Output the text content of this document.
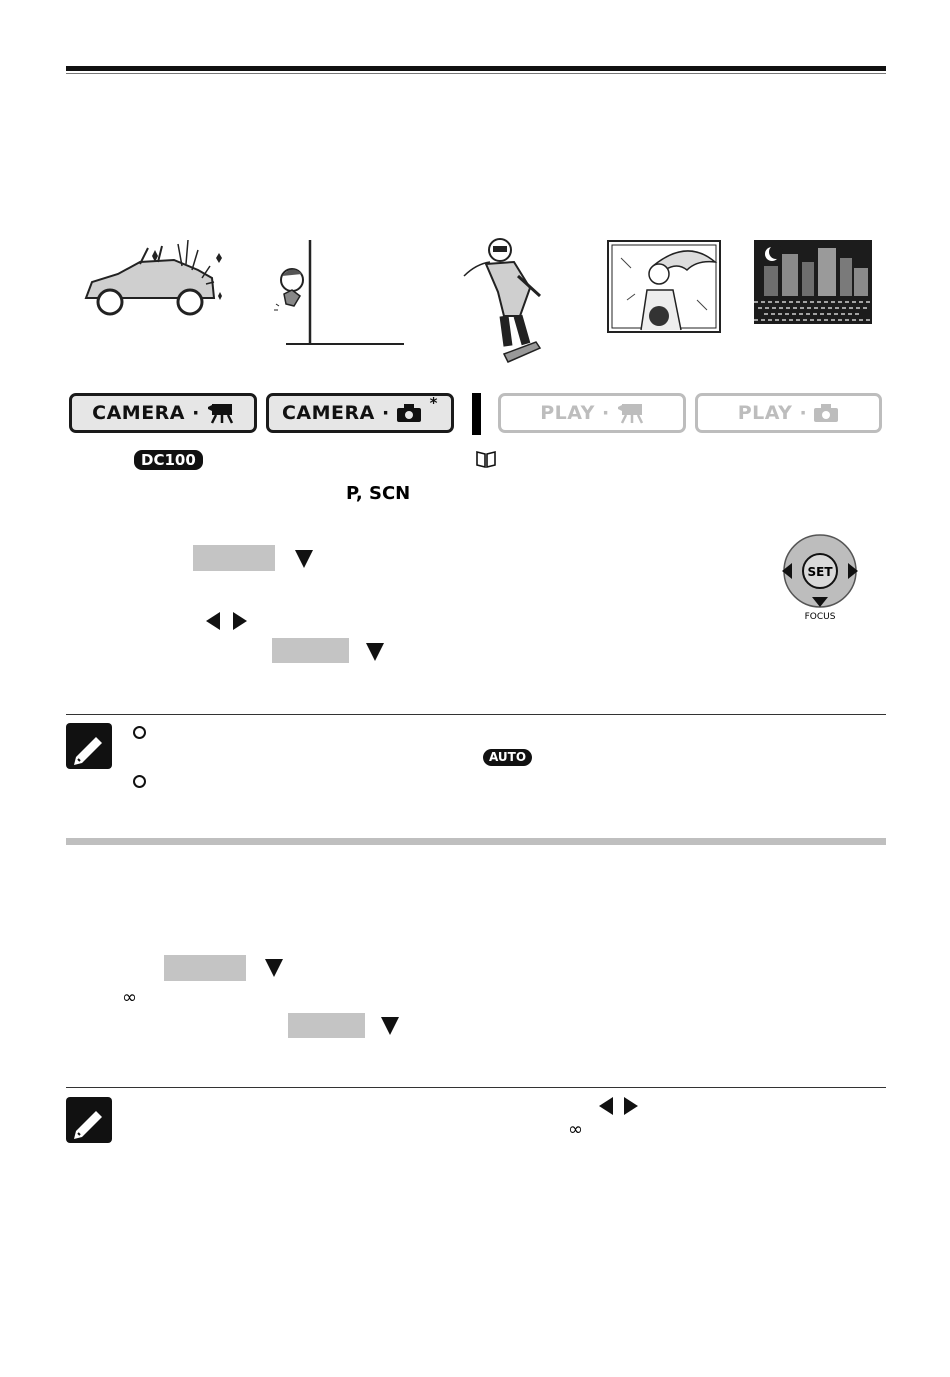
CAMERA ·	CAMERA ·	*	PLAY ·	PLAY ·
DC100
P, SCN
SET
FOCUS
AUTO
∞
∞
